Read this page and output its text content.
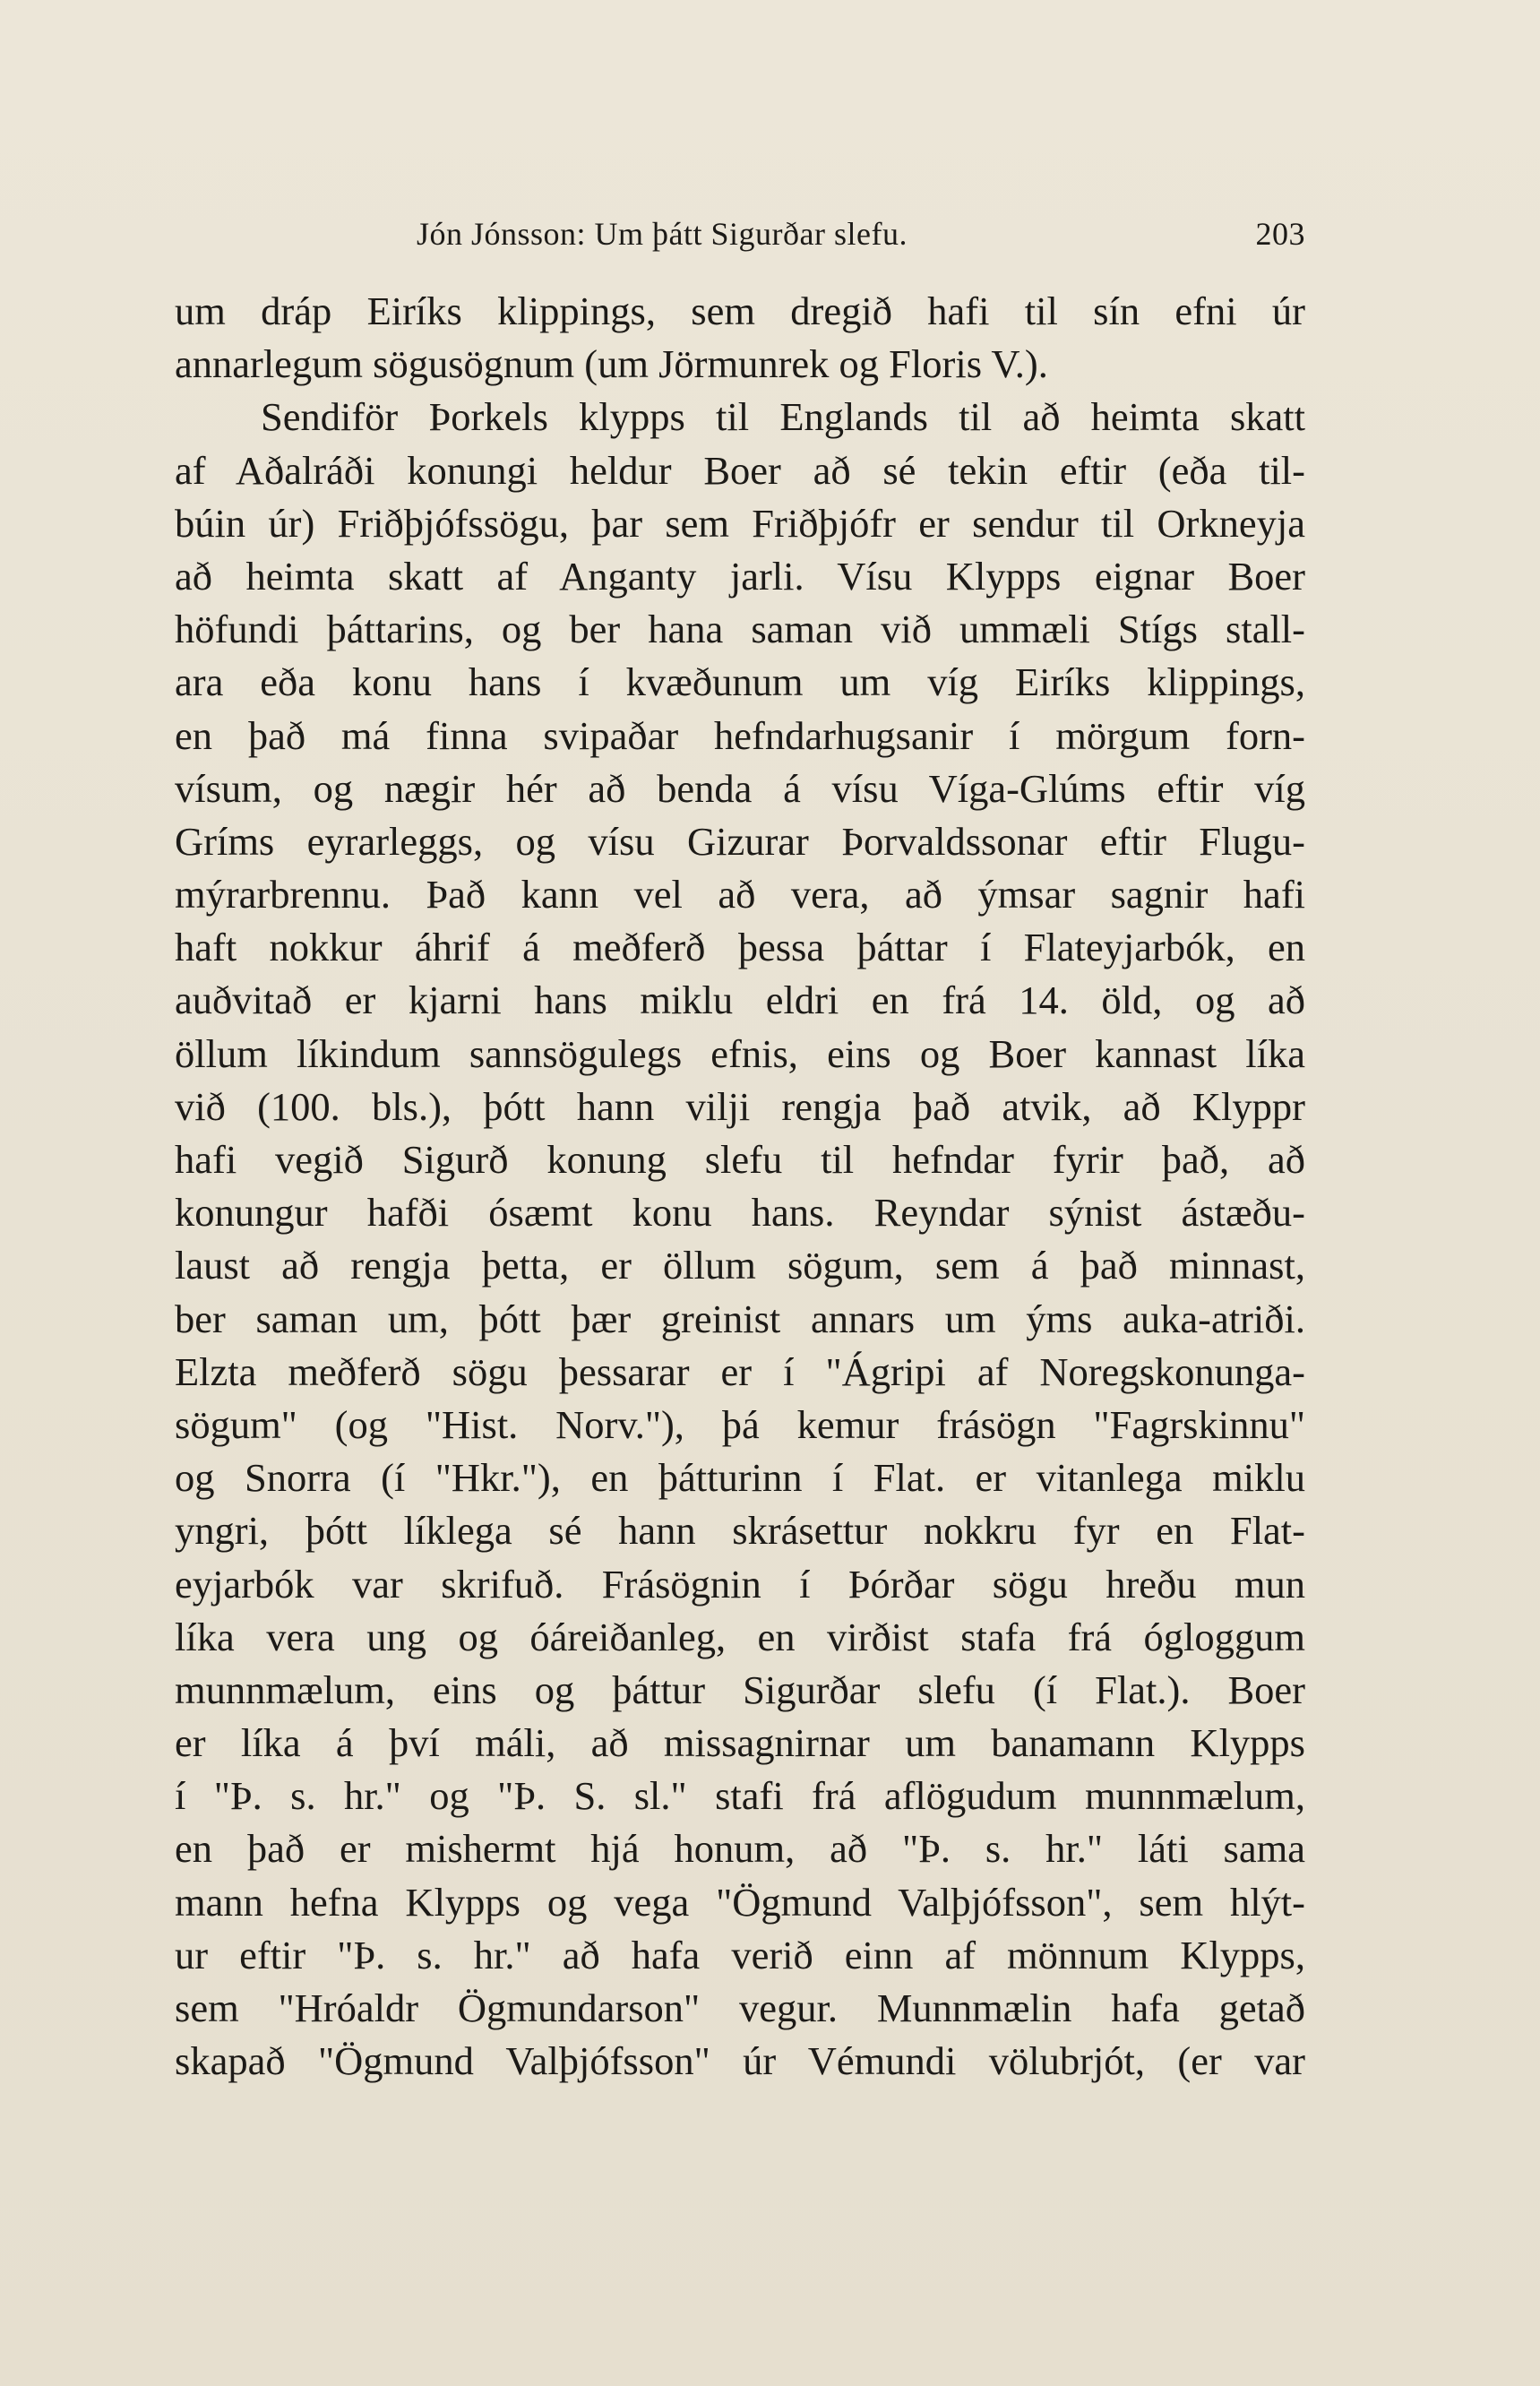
Jón Jónsson: Um þátt Sigurðar slefu.	203
um dráp Eiríks klippings, sem dregið hafi til sín efni úr
annarlegum sögusögnum (um Jörmunrek og Floris V.).
Sendiför Þorkels klypps til Englands til að heimta skatt
af Aðalráði konungi heldur Boer að sé tekin eftir (eða til-
búin úr) Friðþjófssögu, þar sem Friðþjófr er sendur til Orkneyja
að heimta skatt af Anganty jarli. Vísu Klypps eignar Boer
höfundi þáttarins, og ber hana saman við ummæli Stígs stall-
ara eða konu hans í kvæðunum um víg Eiríks klippings,
en það má finna svipaðar hefndarhugsanir í mörgum forn-
vísum, og nægir hér að benda á vísu Víga-Glúms eftir víg
Gríms eyrarleggs, og vísu Gizurar Þorvaldssonar eftir Flugu-
mýrarbrennu. Það kann vel að vera, að ýmsar sagnir hafi
haft nokkur áhrif á meðferð þessa þáttar í Flateyjarbók, en
auðvitað er kjarni hans miklu eldri en frá 14. öld, og að
öllum líkindum sannsögulegs efnis, eins og Boer kannast líka
við (100. bls.), þótt hann vilji rengja það atvik, að Klyppr
hafi vegið Sigurð konung slefu til hefndar fyrir það, að
konungur hafði ósæmt konu hans. Reyndar sýnist ástæðu-
laust að rengja þetta, er öllum sögum, sem á það minnast,
ber saman um, þótt þær greinist annars um ýms auka-atriði.
Elzta meðferð sögu þessarar er í "Ágripi af Noregskonunga-
sögum" (og "Hist. Norv."), þá kemur frásögn "Fagrskinnu"
og Snorra (í "Hkr."), en þátturinn í Flat. er vitanlega miklu
yngri, þótt líklega sé hann skrásettur nokkru fyr en Flat-
eyjarbók var skrifuð. Frásögnin í Þórðar sögu hreðu mun
líka vera ung og óáreiðanleg, en virðist stafa frá ógloggum
munnmælum, eins og þáttur Sigurðar slefu (í Flat.). Boer
er líka á því máli, að missagnirnar um banamann Klypps
í "Þ. s. hr." og "Þ. S. sl." stafi frá aflögudum munnmælum,
en það er mishermt hjá honum, að "Þ. s. hr." láti sama
mann hefna Klypps og vega "Ögmund Valþjófsson", sem hlýt-
ur eftir "Þ. s. hr." að hafa verið einn af mönnum Klypps,
sem "Hróaldr Ögmundarson" vegur. Munnmælin hafa getað
skapað "Ögmund Valþjófsson" úr Vémundi völubrjót, (er var
